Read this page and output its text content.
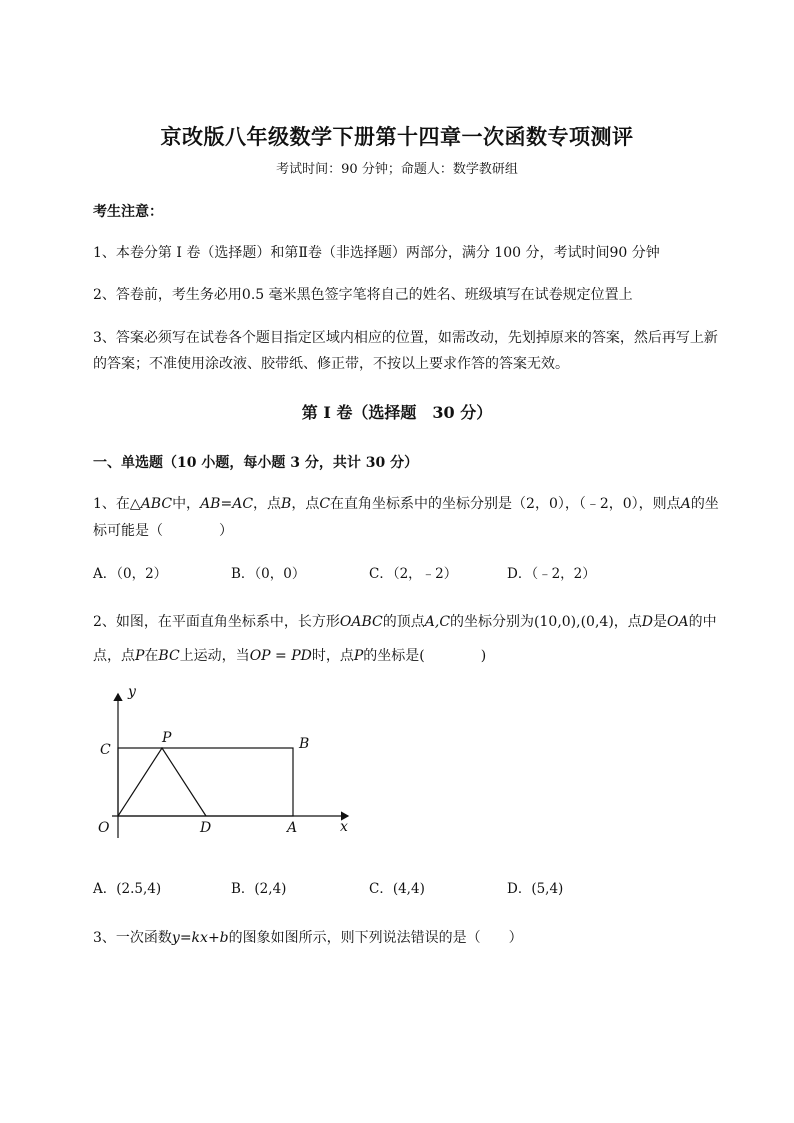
京改版八年级数学下册第十四章一次函数专项测评
考试时间：90 分钟；命题人：数学教研组
考生注意：
1、本卷分第 I 卷（选择题）和第Ⅱ卷（非选择题）两部分，满分 100 分，考试时间90 分钟
2、答卷前，考生务必用0.5 毫米黑色签字笔将自己的姓名、班级填写在试卷规定位置上
3、答案必须写在试卷各个题目指定区域内相应的位置，如需改动，先划掉原来的答案，然后再写上新
的答案；不准使用涂改液、胶带纸、修正带，不按以上要求作答的答案无效。
第 I 卷（选择题　30 分）
一、单选题（10 小题，每小题 3 分，共计 30 分）
1、在△ABC中，AB=AC，点B，点C在直角坐标系中的坐标分别是（2，0），（﹣2，0），则点A的坐
标可能是（　　　　）
A．（0，2）	B．（0，0）	C．（2，﹣2）	D．（﹣2，2）
2、如图，在平面直角坐标系中，长方形OABC的顶点A,C的坐标分别为(10,0),(0,4)，点D是OA的中
点，点P在BC上运动，当OP = PD时，点P的坐标是(　　　　)
y
C
P	B
O	D	A	x
A．(2.5,4)	B．(2,4)	C．(4,4)	D．(5,4)
3、一次函数y=kx+b的图象如图所示，则下列说法错误的是（　　）
